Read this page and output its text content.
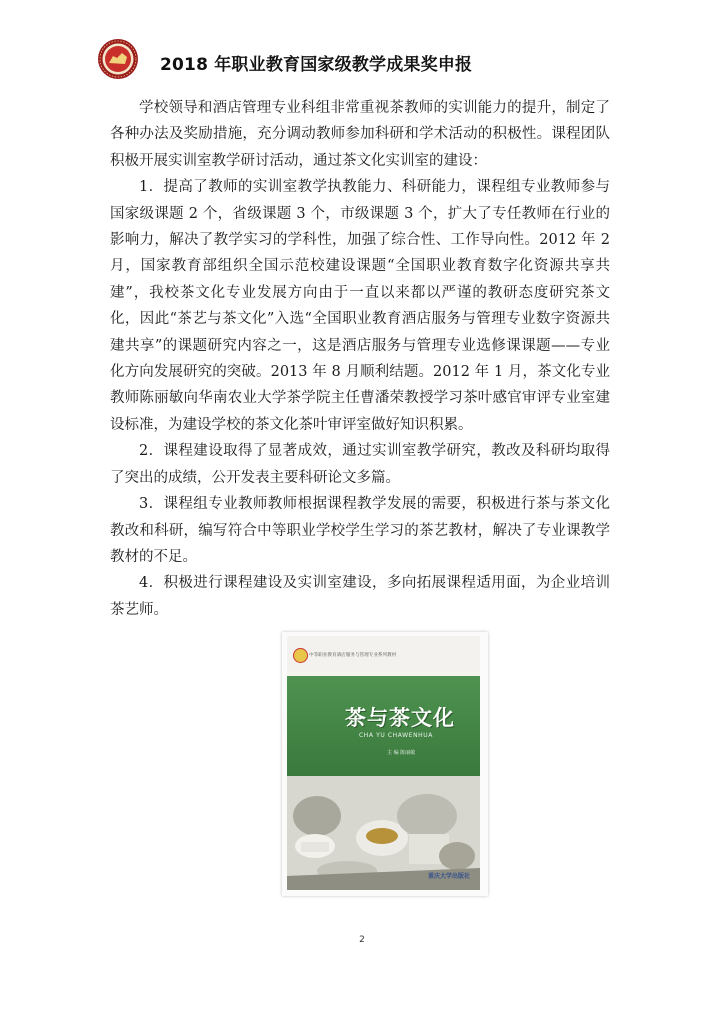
2018 年职业教育国家级教学成果奖申报

学校领导和酒店管理专业科组非常重视茶教师的实训能力的提升，制定了各种办法及奖励措施，充分调动教师参加科研和学术活动的积极性。课程团队积极开展实训室教学研讨活动，通过茶文化实训室的建设：

1．提高了教师的实训室教学执教能力、科研能力，课程组专业教师参与国家级课题 2 个，省级课题 3 个，市级课题 3 个，扩大了专任教师在行业的影响力，解决了教学实习的学科性，加强了综合性、工作导向性。2012 年 2 月，国家教育部组织全国示范校建设课题“全国职业教育数字化资源共享共建”，我校茶文化专业发展方向由于一直以来都以严谨的教研态度研究茶文化，因此“茶艺与茶文化”入选“全国职业教育酒店服务与管理专业数字资源共建共享”的课题研究内容之一，这是酒店服务与管理专业选修课课题——专业化方向发展研究的突破。2013 年 8 月顺利结题。2012 年 1 月，茶文化专业教师陈丽敏向华南农业大学茶学院主任曹潘荣教授学习茶叶感官审评专业室建设标准，为建设学校的茶文化茶叶审评室做好知识积累。

2．课程建设取得了显著成效，通过实训室教学研究，教改及科研均取得了突出的成绩，公开发表主要科研论文多篇。

3．课程组专业教师教师根据课程教学发展的需要，积极进行茶与茶文化教改和科研，编写符合中等职业学校学生学习的茶艺教材，解决了专业课教学教材的不足。

4．积极进行课程建设及实训室建设，多向拓展课程适用面，为企业培训茶艺师。

中等职业教育酒店服务与管理专业系列教材
茶与茶文化
CHA YU CHAWENHUA
主 编 陈丽敏
重庆大学出版社
2
